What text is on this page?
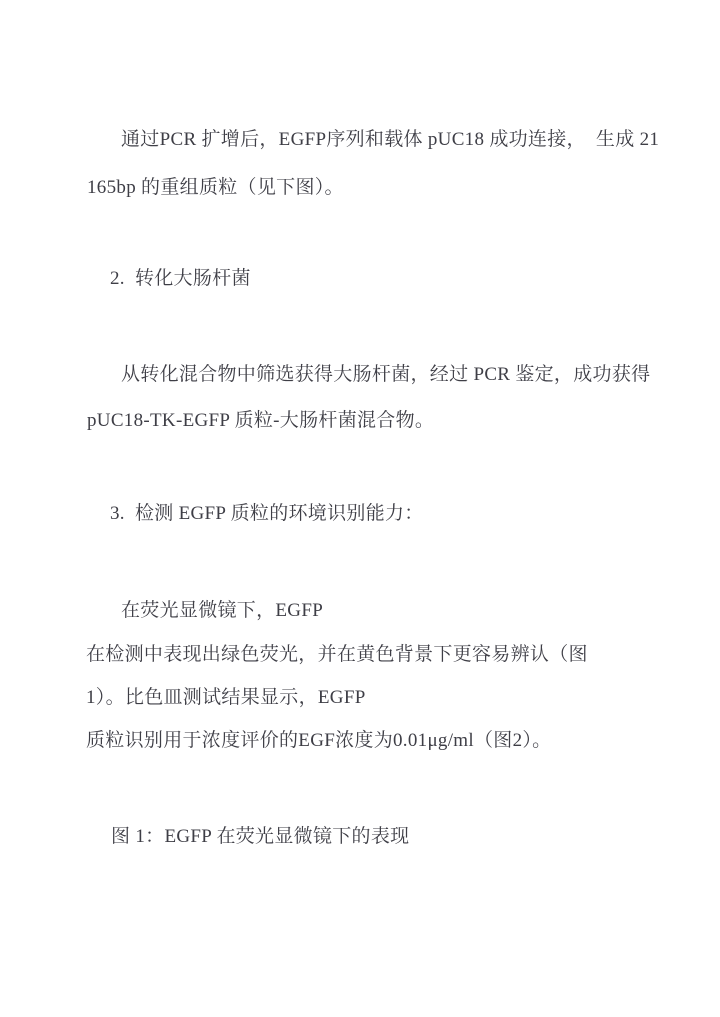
通过PCR 扩增后，EGFP序列和载体 pUC18 成功连接，  生成 21
165bp 的重组质粒（见下图）。
2.  转化大肠杆菌
从转化混合物中筛选获得大肠杆菌，经过 PCR 鉴定，成功获得
pUC18-TK-EGFP 质粒-大肠杆菌混合物。
3.  检测 EGFP 质粒的环境识别能力：
在荧光显微镜下，EGFP
在检测中表现出绿色荧光，并在黄色背景下更容易辨认（图
1）。比色皿测试结果显示，EGFP
质粒识别用于浓度评价的EGF浓度为0.01μg/ml（图2）。
图 1：EGFP 在荧光显微镜下的表现
